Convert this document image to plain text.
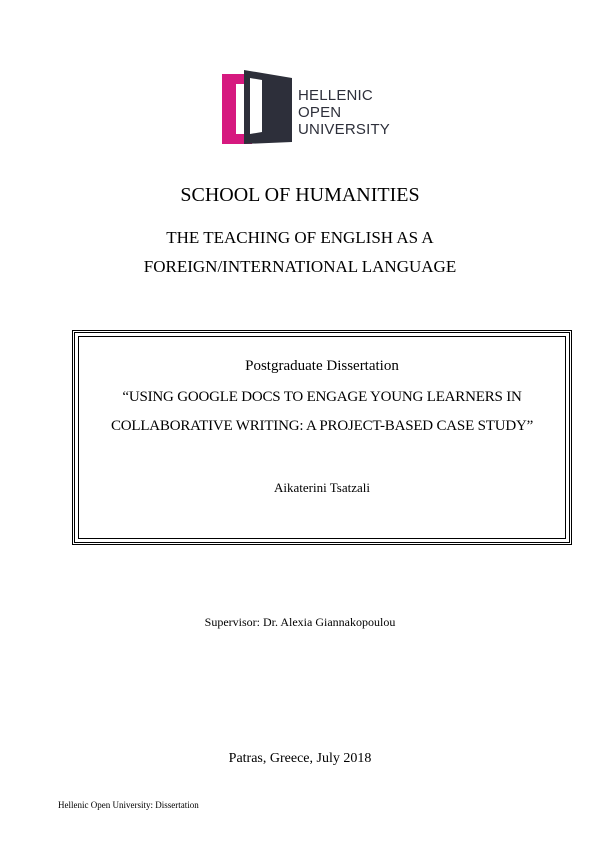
HELLENIC
OPEN
UNIVERSITY
SCHOOL OF HUMANITIES
THE TEACHING OF ENGLISH AS A
FOREIGN/INTERNATIONAL LANGUAGE
Postgraduate Dissertation
“USING GOOGLE DOCS TO ENGAGE YOUNG LEARNERS IN
COLLABORATIVE WRITING: A PROJECT-BASED CASE STUDY”
Aikaterini Tsatzali
Supervisor: Dr. Alexia Giannakopoulou
Patras, Greece, July 2018
Hellenic Open University: Dissertation
